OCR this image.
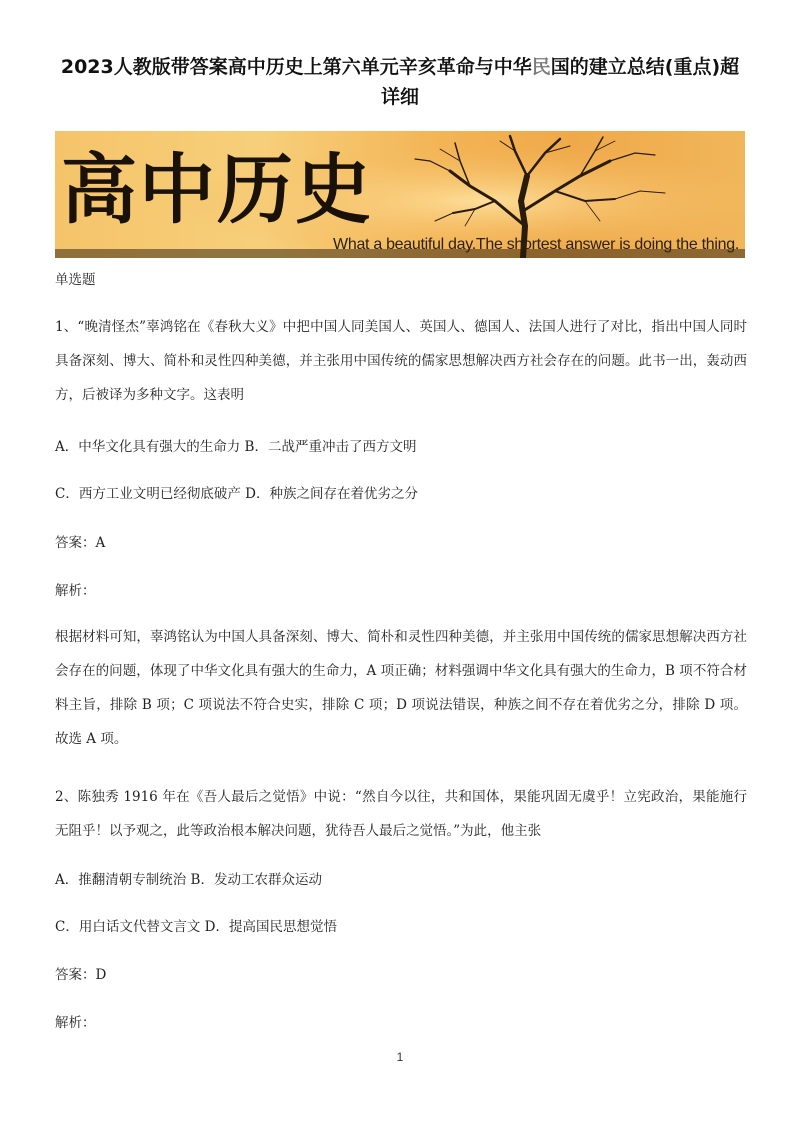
2023人教版带答案高中历史上第六单元辛亥革命与中华民国的建立总结(重点)超详细
高中历史
What a beautiful day.The shortest answer is doing the thing.
单选题
1、“晚清怪杰”辜鸿铭在《春秋大义》中把中国人同美国人、英国人、德国人、法国人进行了对比，指出中国人同时具备深刻、博大、简朴和灵性四种美德，并主张用中国传统的儒家思想解决西方社会存在的问题。此书一出，轰动西方，后被译为多种文字。这表明
A．中华文化具有强大的生命力 B．二战严重冲击了西方文明
C．西方工业文明已经彻底破产 D．种族之间存在着优劣之分
答案：A
解析：
根据材料可知，辜鸿铭认为中国人具备深刻、博大、简朴和灵性四种美德，并主张用中国传统的儒家思想解决西方社会存在的问题，体现了中华文化具有强大的生命力，A 项正确；材料强调中华文化具有强大的生命力，B 项不符合材料主旨，排除 B 项；C 项说法不符合史实，排除 C 项；D 项说法错误，种族之间不存在着优劣之分，排除 D 项。故选 A 项。
2、陈独秀 1916 年在《吾人最后之觉悟》中说：“然自今以往，共和国体，果能巩固无虞乎！立宪政治，果能施行无阻乎！以予观之，此等政治根本解决问题，犹待吾人最后之觉悟。”为此，他主张
A．推翻清朝专制统治 B．发动工农群众运动
C．用白话文代替文言文 D．提高国民思想觉悟
答案：D
解析：
1
